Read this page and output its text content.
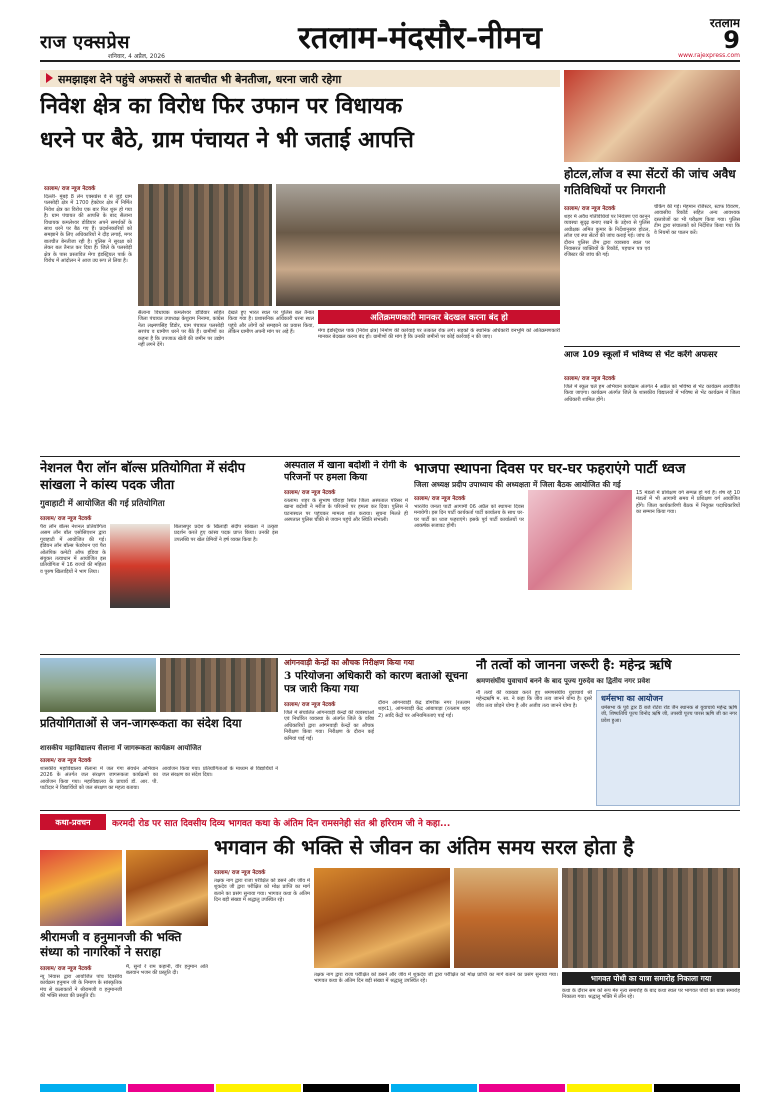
राज एक्सप्रेस
शनिवार, 4 अप्रैल, 2026
रतलाम-मंदसौर-नीमच	रतलाम
9
www.rajexpress.com
समझाइश देने पहुंचे अफसरों से बातचीत भी बेनतीजा, धरना जारी रहेगा
निवेश क्षेत्र का विरोध फिर उफान पर विधायक
धरने पर बैठे, ग्राम पंचायत ने भी जताई आपत्ति
रतलाम/ राज न्यूज नेटवर्क
दिल्ली- मुंबई 8 लेन एक्सप्रेस वे से जुड़े ग्राम पलसोड़ी क्षेत्र में 1700 हेक्टेयर क्षेत्र में निर्मित निवेश क्षेत्र का विरोध एक बार फिर शुरू हो गया है। ग्राम पंचायत की आपत्ति के बाद सैलाना विधायक कमलेश्वर डोडियार अपने समर्थकों के साथ धरने पर बैठ गए हैं। प्रदर्शनकारियों को समझाने के लिए अधिकारियों ने दौड़ लगाई, मगर बातचीत बेनतीजा रही है। पुलिस ने सुरक्षा को लेकर बल तैनात कर दिया है। जिले के पलसोड़ी क्षेत्र के पास प्रस्तावित मेगा इंडस्ट्रियल पार्क के विरोध में आंदोलन ने आज उग्र रूप ले लिया है।
सैलाना विधायक कमलेश्वर डोडियार सहित जिला पंचायत उपाध्यक्ष केशुराम निनामा, कांग्रेस नेता लक्ष्मणसिंह डिंडोर, ग्राम पंचायत पलसोड़ी सरपंच व ग्रामीण धरने पर बैठे हैं। ग्रामीणों का कहना है कि उपजाऊ खेती की जमीन पर उद्योग नहीं लगने देंगे।
देखते हुए भारत स्थल पर पुलिस बल तैनात किया गया है। प्रशासनिक अधिकारी धरना स्थल पहुंचे और लोगों को समझाने का प्रयास किया, लेकिन ग्रामीण अपनी मांग पर अड़े हैं।
अतिक्रमणकारी मानकर बेदखल करना बंद हो
मेगा इंडस्ट्रियल पार्क (निवेश क्षेत्र) निर्माण की कार्रवाई पर तत्काल रोक लगे। सड़कों के स्थानिक अधिकारी वनभूमि को अतिक्रमणकारी मानकर बेदखल करना बंद हो। ग्रामीणों की मांग है कि उनकी जमीनों पर कोई कार्रवाई न की जाए।
होटल,लॉज व स्पा सेंटरों की जांच अवैध गतिविधियों पर निगरानी
रतलाम/ राज न्यूज नेटवर्क
शहर में अवैध गतिविधियों पर नियंत्रण एवं कानून व्यवस्था सुदृढ़ बनाए रखने के उद्देश्य से पुलिस अधीक्षक अमित कुमार के निर्देशानुसार होटल, लॉज एवं स्पा सेंटरों की जांच कराई गई। जांच के दौरान पुलिस टीम द्वारा व्यवसाय स्थल पर निवासरत व्यक्तियों के रिकॉर्ड, पहचान पत्र एवं रजिस्टर की जांच की गई।
चेकिंग की गई। मेहमान रजिस्टर, स्टाफ विवरण, आवासीय रिकॉर्ड सहित अन्य आवश्यक दस्तावेजों का भी परीक्षण किया गया। पुलिस टीम द्वारा संचालकों को निर्देशित किया गया कि वे नियमों का पालन करें।
आज 109 स्कूलों में भविष्य से भेंट करेंगे अफसर
रतलाम/ राज न्यूज नेटवर्क
जिले में स्कूल चलें हम अभियान कार्यक्रम अंतर्गत 4 अप्रैल को भविष्य से भेंट कार्यक्रम आयोजित किया जाएगा। कार्यक्रम अंतर्गत जिले के शासकीय विद्यालयों में भविष्य से भेंट कार्यक्रम में जिला अधिकारी शामिल होंगे।
नेशनल पैरा लॉन बॉल्स प्रतियोगिता में संदीप सांखला ने कांस्य पदक जीता
गुवाहाटी में आयोजित की गई प्रतियोगिता
रतलाम/ राज न्यूज नेटवर्क
पैरा लॉन बॉल्स नेशनल प्रतियोगिता असम लॉन बॉल एसोसिएशन द्वारा गुवाहाटी में आयोजित की गई। इंडियन लॉन बॉल्स फेडरेशन एवं पैरा ओलंपिक कमेटी ऑफ इंडिया के संयुक्त तत्वाधान में आयोजित इस प्रतियोगिता में 16 राज्यों की महिला व पुरुष खिलाड़ियों ने भाग लिया।
बिलासपुर प्रदेश के खिलाड़ी संदीप सांखला ने उत्कृष्ट प्रदर्शन करते हुए कांस्य पदक प्राप्त किया। उनकी इस उपलब्धि पर खेल प्रेमियों ने हर्ष व्यक्त किया है।
अस्पताल में खाना बदोशी ने रोगी के परिजनों पर हमला किया
रतलाम/ राज न्यूज नेटवर्क
रतलाम। शहर के सुभाष चौराहा स्थित जिला अस्पताल परिसर में खाना बदोशी ने मरीज के परिजनों पर हमला कर दिया। पुलिस ने घटनास्थल पर पहुंचकर मामला शांत कराया। सूचना मिलते ही अस्पताल पुलिस चौकी से जवान पहुंचे और स्थिति संभाली।
भाजपा स्थापना दिवस पर घर-घर फहराएंगे पार्टी ध्वज
जिला अध्यक्ष प्रदीप उपाध्याय की अध्यक्षता में जिला बैठक आयोजित की गई
रतलाम/ राज न्यूज नेटवर्क
भारतीय जनता पार्टी आगामी 06 अप्रैल को स्थापना दिवस मनायेगी। इस दिन पार्टी कार्यकर्ता पार्टी कार्यालय के साथ घर-घर पार्टी का ध्वज फहराएंगे। इसके पूर्व पार्टी कार्यालयों पर आकर्षक सजावट होगी।
15 मंडलों में प्रशिक्षण वर्ग सम्पन्न हो गये है। शेष रहे 10 मंडलों में भी आगामी समय में प्रशिक्षण वर्ग आयोजित होंगे। जिला कार्यकारिणी बैठक में नियुक्त पदाधिकारियों का सम्मान किया गया।
प्रतियोगिताओं से जन-जागरूकता का संदेश दिया
शासकीय महाविद्यालय सैलाना में जागरूकता कार्यक्रम आयोजित
रतलाम/ राज न्यूज नेटवर्क
शासकीय महाविद्यालय सैलाना में जल गंगा संवर्धन अभियान 2026 के अंतर्गत जल संरक्षण जागरूकता कार्यक्रमों का आयोजन किया गया। महाविद्यालय के प्राचार्य डॉ. आर. पी. पाटीदार ने विद्यार्थियों को जल संरक्षण का महत्व बताया।
आयोजन किया गया। प्रतियोगिताओं के माध्यम से विद्यार्थियों ने जल संरक्षण का संदेश दिया।
आंगनवाड़ी केन्द्रों का औचक निरीक्षण किया गया
3 परियोजना अधिकारी को कारण बताओ सूचना पत्र जारी किया गया
रतलाम/ राज न्यूज नेटवर्क
जिले में संचालित आंगनवाड़ी केन्द्रों की व्यवस्थाओं एवं निर्धारित व्यवस्था के अंतर्गत जिले के वरिष्ठ अधिकारियों द्वारा आंगनवाड़ी केन्द्रों का औचक निरीक्षण किया गया। निरीक्षण के दौरान कई कमियां पाई गईं।
दौरान आंगनवाड़ी केंद्र डोंगरीक नगर (रतलाम शहर1), आंगनवाड़ी केंद्र आंबापाड़ा (रतलाम शहर 2) आदि केंद्रों पर अनियमितताएं पाई गईं।
नौ तत्वों को जानना जरूरी है: महेन्द्र ऋषि
श्रमणसंघीय युवाचार्य बनने के बाद पूज्य गुरुदेव का द्वितीय नगर प्रवेश
नौ तत्वों की व्याख्या करते हुए श्रमणसंघीय युवाचार्य श्री महेन्द्रऋषि म. सा. ने कहा कि जीव तत्व जानने योग्य है। दूसरे जीव तत्व छोड़ने योग्य है और अजीव तत्व जानने योग्य है।
धर्मसभा का आयोजन
धर्मसभा के पूर्व द्वार 8 बजे रोटेरा रोड जैन स्थानक से युवाचार्य महेन्द्र ऋषि जी, शिष्यतिथि पूज्य विनोद ऋषि जी, तपस्वी पूज्य पारस ऋषि जी का नगर प्रवेश हुआ।
कथा-प्रवचन	करमदी रोड पर सात दिवसीय दिव्य भागवत कथा के अंतिम दिन रामसनेही संत श्री हरिराम जी ने कहा...
भगवान की भक्ति से जीवन का अंतिम समय सरल होता है
रतलाम/ राज न्यूज नेटवर्क
तक्षक नाग द्वारा राजा परीक्षित को डसने और जीव में शुकदेव जी द्वारा परीक्षित को मोक्ष प्राप्ति का मार्ग बताने का प्रसंग सुनाया गया। भागवत कथा के अंतिम दिन बड़ी संख्या में श्रद्धालु उपस्थित रहे।
तक्षक नाग द्वारा राजा परीक्षित को डसने और जीव में शुकदेव जी द्वारा परीक्षित को मोक्ष प्राप्ति का मार्ग बताने का प्रसंग सुनाया गया। भागवत कथा के अंतिम दिन बड़ी संख्या में श्रद्धालु उपस्थित रहे।	भागवत पोथी का यात्रा समारोह निकाला गया
कथा के दौरान सम को रूप मेरु नृत्य समारोह के बाद कथा स्थल पर भागवत पोथी का यात्रा समारोह निकाला गया। श्रद्धालु भक्ति में लीन रहे।
श्रीरामजी व हनुमानजी की भक्ति संध्या को नागरिकों ने सराहा
रतलाम/ राज न्यूज नेटवर्क
न्यू निवास द्वारा आयोजित पांच दिवसीय कार्यक्रम हनुमान जी के निमाण के सांस्कृतिक मंच से कलाकारों ने श्रीरामजी व हनुमानजी की भक्ति संध्या की प्रस्तुति दी।
मैं, सुनो रे राम कहानी, वीर हनुमान अति बलवान भजन की प्रस्तुति दी।
